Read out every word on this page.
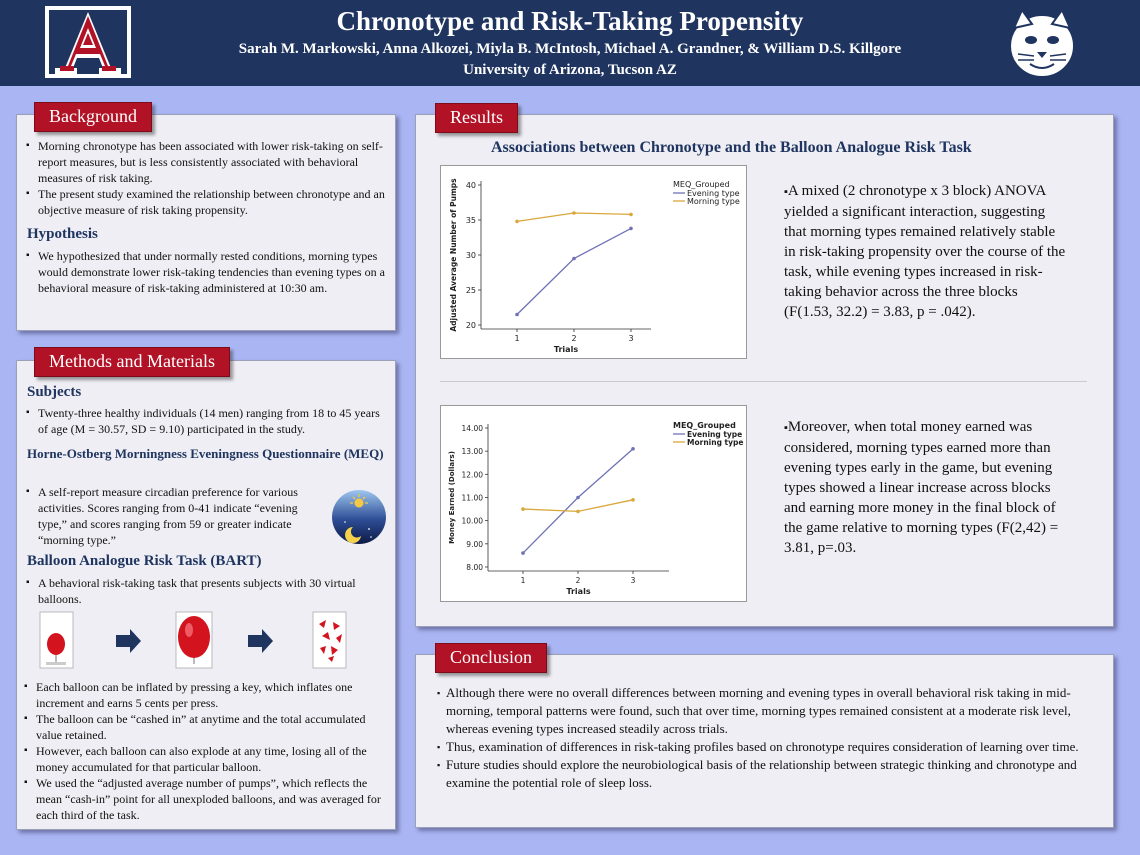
Chronotype and Risk-Taking Propensity
Sarah M. Markowski, Anna Alkozei, Miyla B. McIntosh, Michael A. Grandner, & William D.S. Killgore
University of Arizona, Tucson AZ
Background
▪ Morning chronotype has been associated with lower risk-taking on self-report measures, but is less consistently associated with behavioral measures of risk taking.
▪ The present study examined the relationship between chronotype and an objective measure of risk taking propensity.
Hypothesis
▪ We hypothesized that under normally rested conditions, morning types would demonstrate lower risk-taking tendencies than evening types on a behavioral measure of risk-taking administered at 10:30 am.
Methods and Materials
Subjects
▪ Twenty-three healthy individuals (14 men) ranging from 18 to 45 years of age (M = 30.57, SD = 9.10) participated in the study.
Horne-Ostberg Morningness Eveningness Questionnaire (MEQ)
▪ A self-report measure circadian preference for various activities. Scores ranging from 0-41 indicate “evening type,” and scores ranging from 59 or greater indicate “morning type.”
Balloon Analogue Risk Task (BART)
▪ A behavioral risk-taking task that presents subjects with 30 virtual balloons.
▪ Each balloon can be inflated by pressing a key, which inflates one increment and earns 5 cents per press.
▪ The balloon can be “cashed in” at anytime and the total accumulated value retained.
▪ However, each balloon can also explode at any time, losing all of the money accumulated for that particular balloon.
▪ We used the “adjusted average number of pumps”, which reflects the mean “cash-in” point for all unexploded balloons, and was averaged for each third of the task.
Results
Associations between Chronotype and the Balloon Analogue Risk Task
20
25
30
35
40
1	2	3
Trials
Adjusted Average Number of Pumps	MEQ_Grouped
Evening type
Morning type
▪A mixed (2 chronotype x 3 block) ANOVA yielded a significant interaction, suggesting that morning types remained relatively stable in risk-taking propensity over the course of the task, while evening types increased in risk-taking behavior across the three blocks (F(1.53, 32.2) = 3.83, p = .042).
8.00
9.00
10.00
11.00
12.00
13.00
14.00
1	2	3
Trials
Money Earned (Dollars)
MEQ_Grouped
Evening type
Morning type
▪Moreover, when total money earned was considered, morning types earned more than evening types early in the game, but evening types showed a linear increase across blocks and earning more money in the final block of the game relative to morning types (F(2,42) = 3.81, p=.03.
Conclusion
▪ Although there were no overall differences between morning and evening types in overall behavioral risk taking in mid-morning, temporal patterns were found, such that over time, morning types remained consistent at a moderate risk level, whereas evening types increased steadily across trials.
▪ Thus, examination of differences in risk-taking profiles based on chronotype requires consideration of learning over time.
▪ Future studies should explore the neurobiological basis of the relationship between strategic thinking and chronotype and examine the potential role of sleep loss.
